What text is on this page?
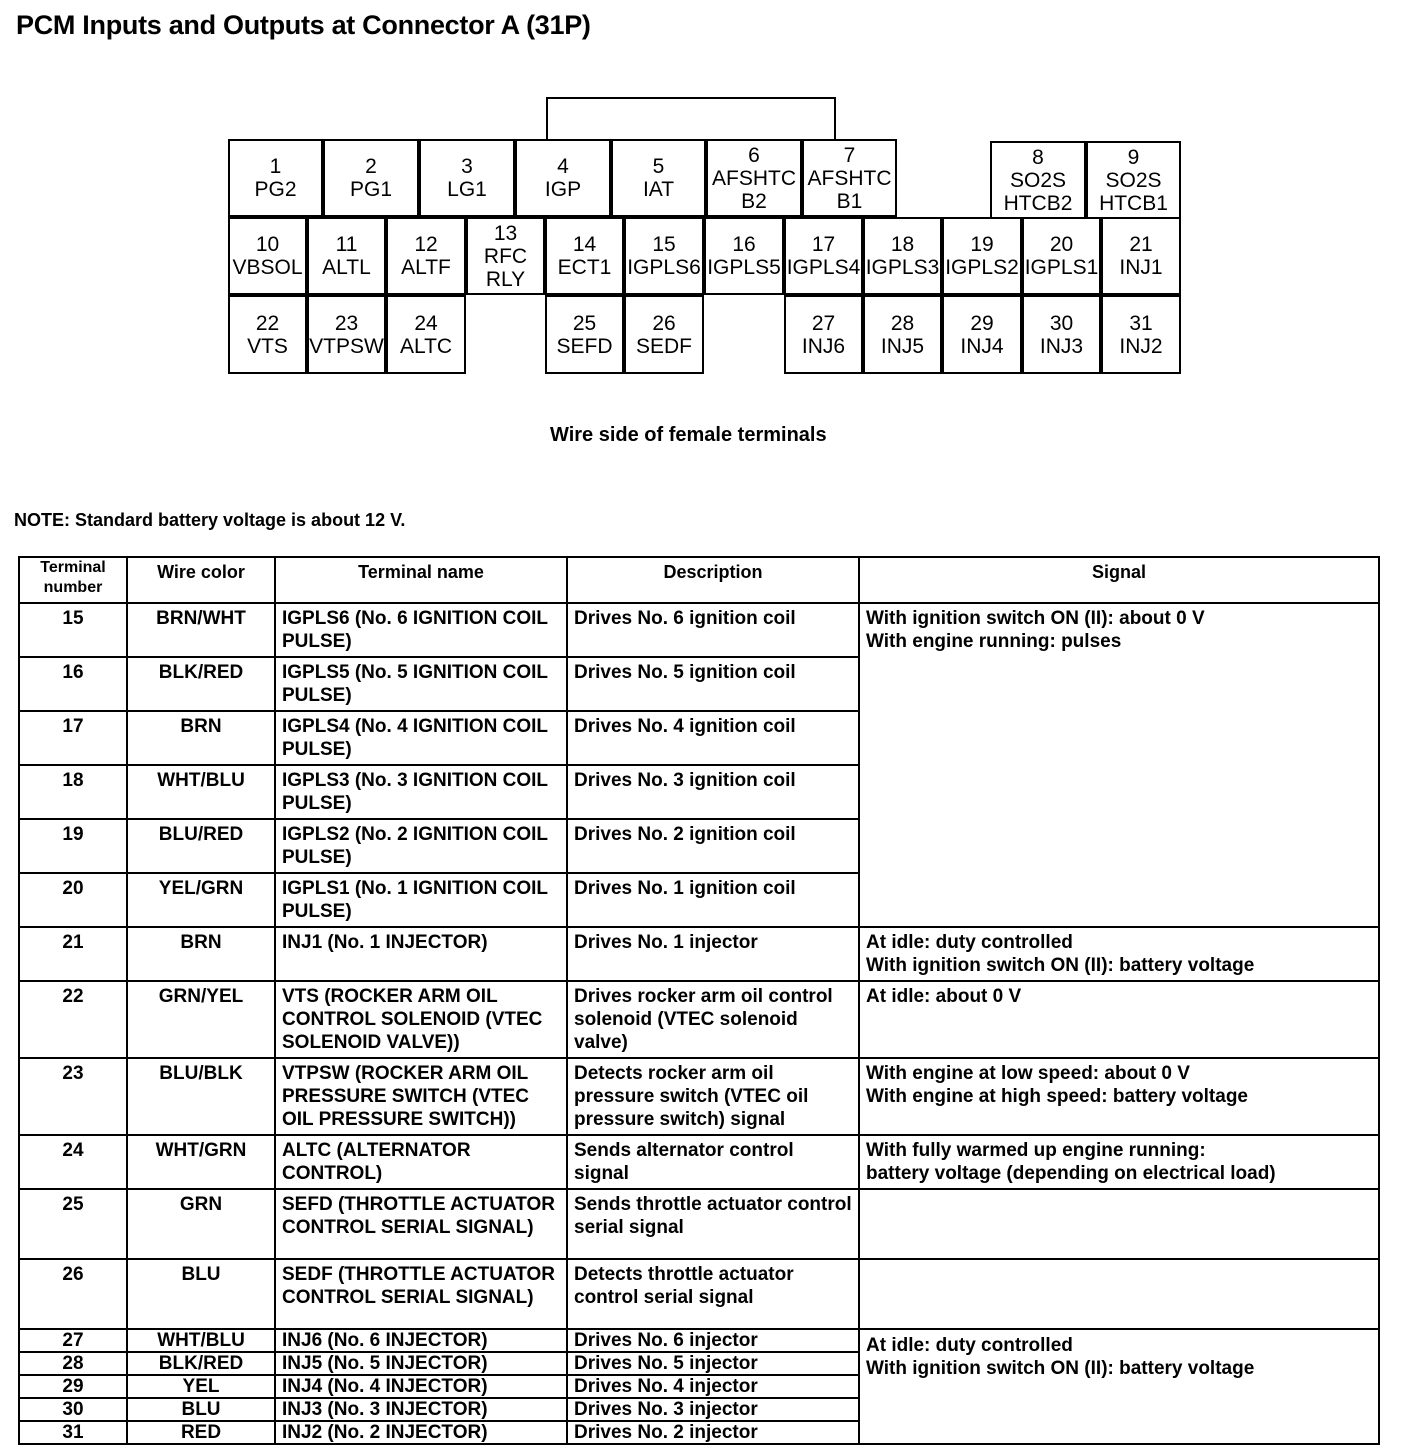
PCM Inputs and Outputs at Connector A (31P)
1
PG2
2
PG1
3
LG1
4
IGP
5
IAT
6
AFSHTC
B2
7
AFSHTC
B1
8
SO2S
HTCB2
9
SO2S
HTCB1
10
VBSOL
11
ALTL
12
ALTF
13
RFC
RLY
14
ECT1
15
IGPLS6
16
IGPLS5
17
IGPLS4
18
IGPLS3
19
IGPLS2
20
IGPLS1
21
INJ1
22
VTS
23
VTPSW
24
ALTC
25
SEFD
26
SEDF
27
INJ6
28
INJ5
29
INJ4
30
INJ3
31
INJ2
Wire side of female terminals
NOTE: Standard battery voltage is about 12 V.
Terminal number	Wire color	Terminal name	Description	Signal
15	BRN/WHT	IGPLS6 (No. 6 IGNITION COIL PULSE)	Drives No. 6 ignition coil	With ignition switch ON (II): about 0 V
With engine running: pulses

16	BLK/RED	IGPLS5 (No. 5 IGNITION COIL PULSE)	Drives No. 5 ignition coil	
17	BRN	IGPLS4 (No. 4 IGNITION COIL PULSE)	Drives No. 4 ignition coil	
18	WHT/BLU	IGPLS3 (No. 3 IGNITION COIL PULSE)	Drives No. 3 ignition coil	
19	BLU/RED	IGPLS2 (No. 2 IGNITION COIL PULSE)	Drives No. 2 ignition coil	
20	YEL/GRN	IGPLS1 (No. 1 IGNITION COIL PULSE)	Drives No. 1 ignition coil	
21	BRN	INJ1 (No. 1 INJECTOR)	Drives No. 1 injector	At idle: duty controlled
With ignition switch ON (II): battery voltage

22	GRN/YEL	VTS (ROCKER ARM OIL CONTROL SOLENOID (VTEC SOLENOID VALVE))	Drives rocker arm oil control solenoid (VTEC solenoid valve)	At idle: about 0 V

23	BLU/BLK	VTPSW (ROCKER ARM OIL PRESSURE SWITCH (VTEC OIL PRESSURE SWITCH))	Detects rocker arm oil pressure switch (VTEC oil pressure switch) signal	With engine at low speed: about 0 V
With engine at high speed: battery voltage

24	WHT/GRN	ALTC (ALTERNATOR CONTROL)	Sends alternator control signal	With fully warmed up engine running:
battery voltage (depending on electrical load)

25	GRN	SEFD (THROTTLE ACTUATOR CONTROL SERIAL SIGNAL)	Sends throttle actuator control serial signal	
26	BLU	SEDF (THROTTLE ACTUATOR CONTROL SERIAL SIGNAL)	Detects throttle actuator control serial signal	
27	WHT/BLU	INJ6 (No. 6 INJECTOR)	Drives No. 6 injector	At idle: duty controlled
With ignition switch ON (II): battery voltage

28	BLK/RED	INJ5 (No. 5 INJECTOR)	Drives No. 5 injector	
29	YEL	INJ4 (No. 4 INJECTOR)	Drives No. 4 injector	
30	BLU	INJ3 (No. 3 INJECTOR)	Drives No. 3 injector	
31	RED	INJ2 (No. 2 INJECTOR)	Drives No. 2 injector	
